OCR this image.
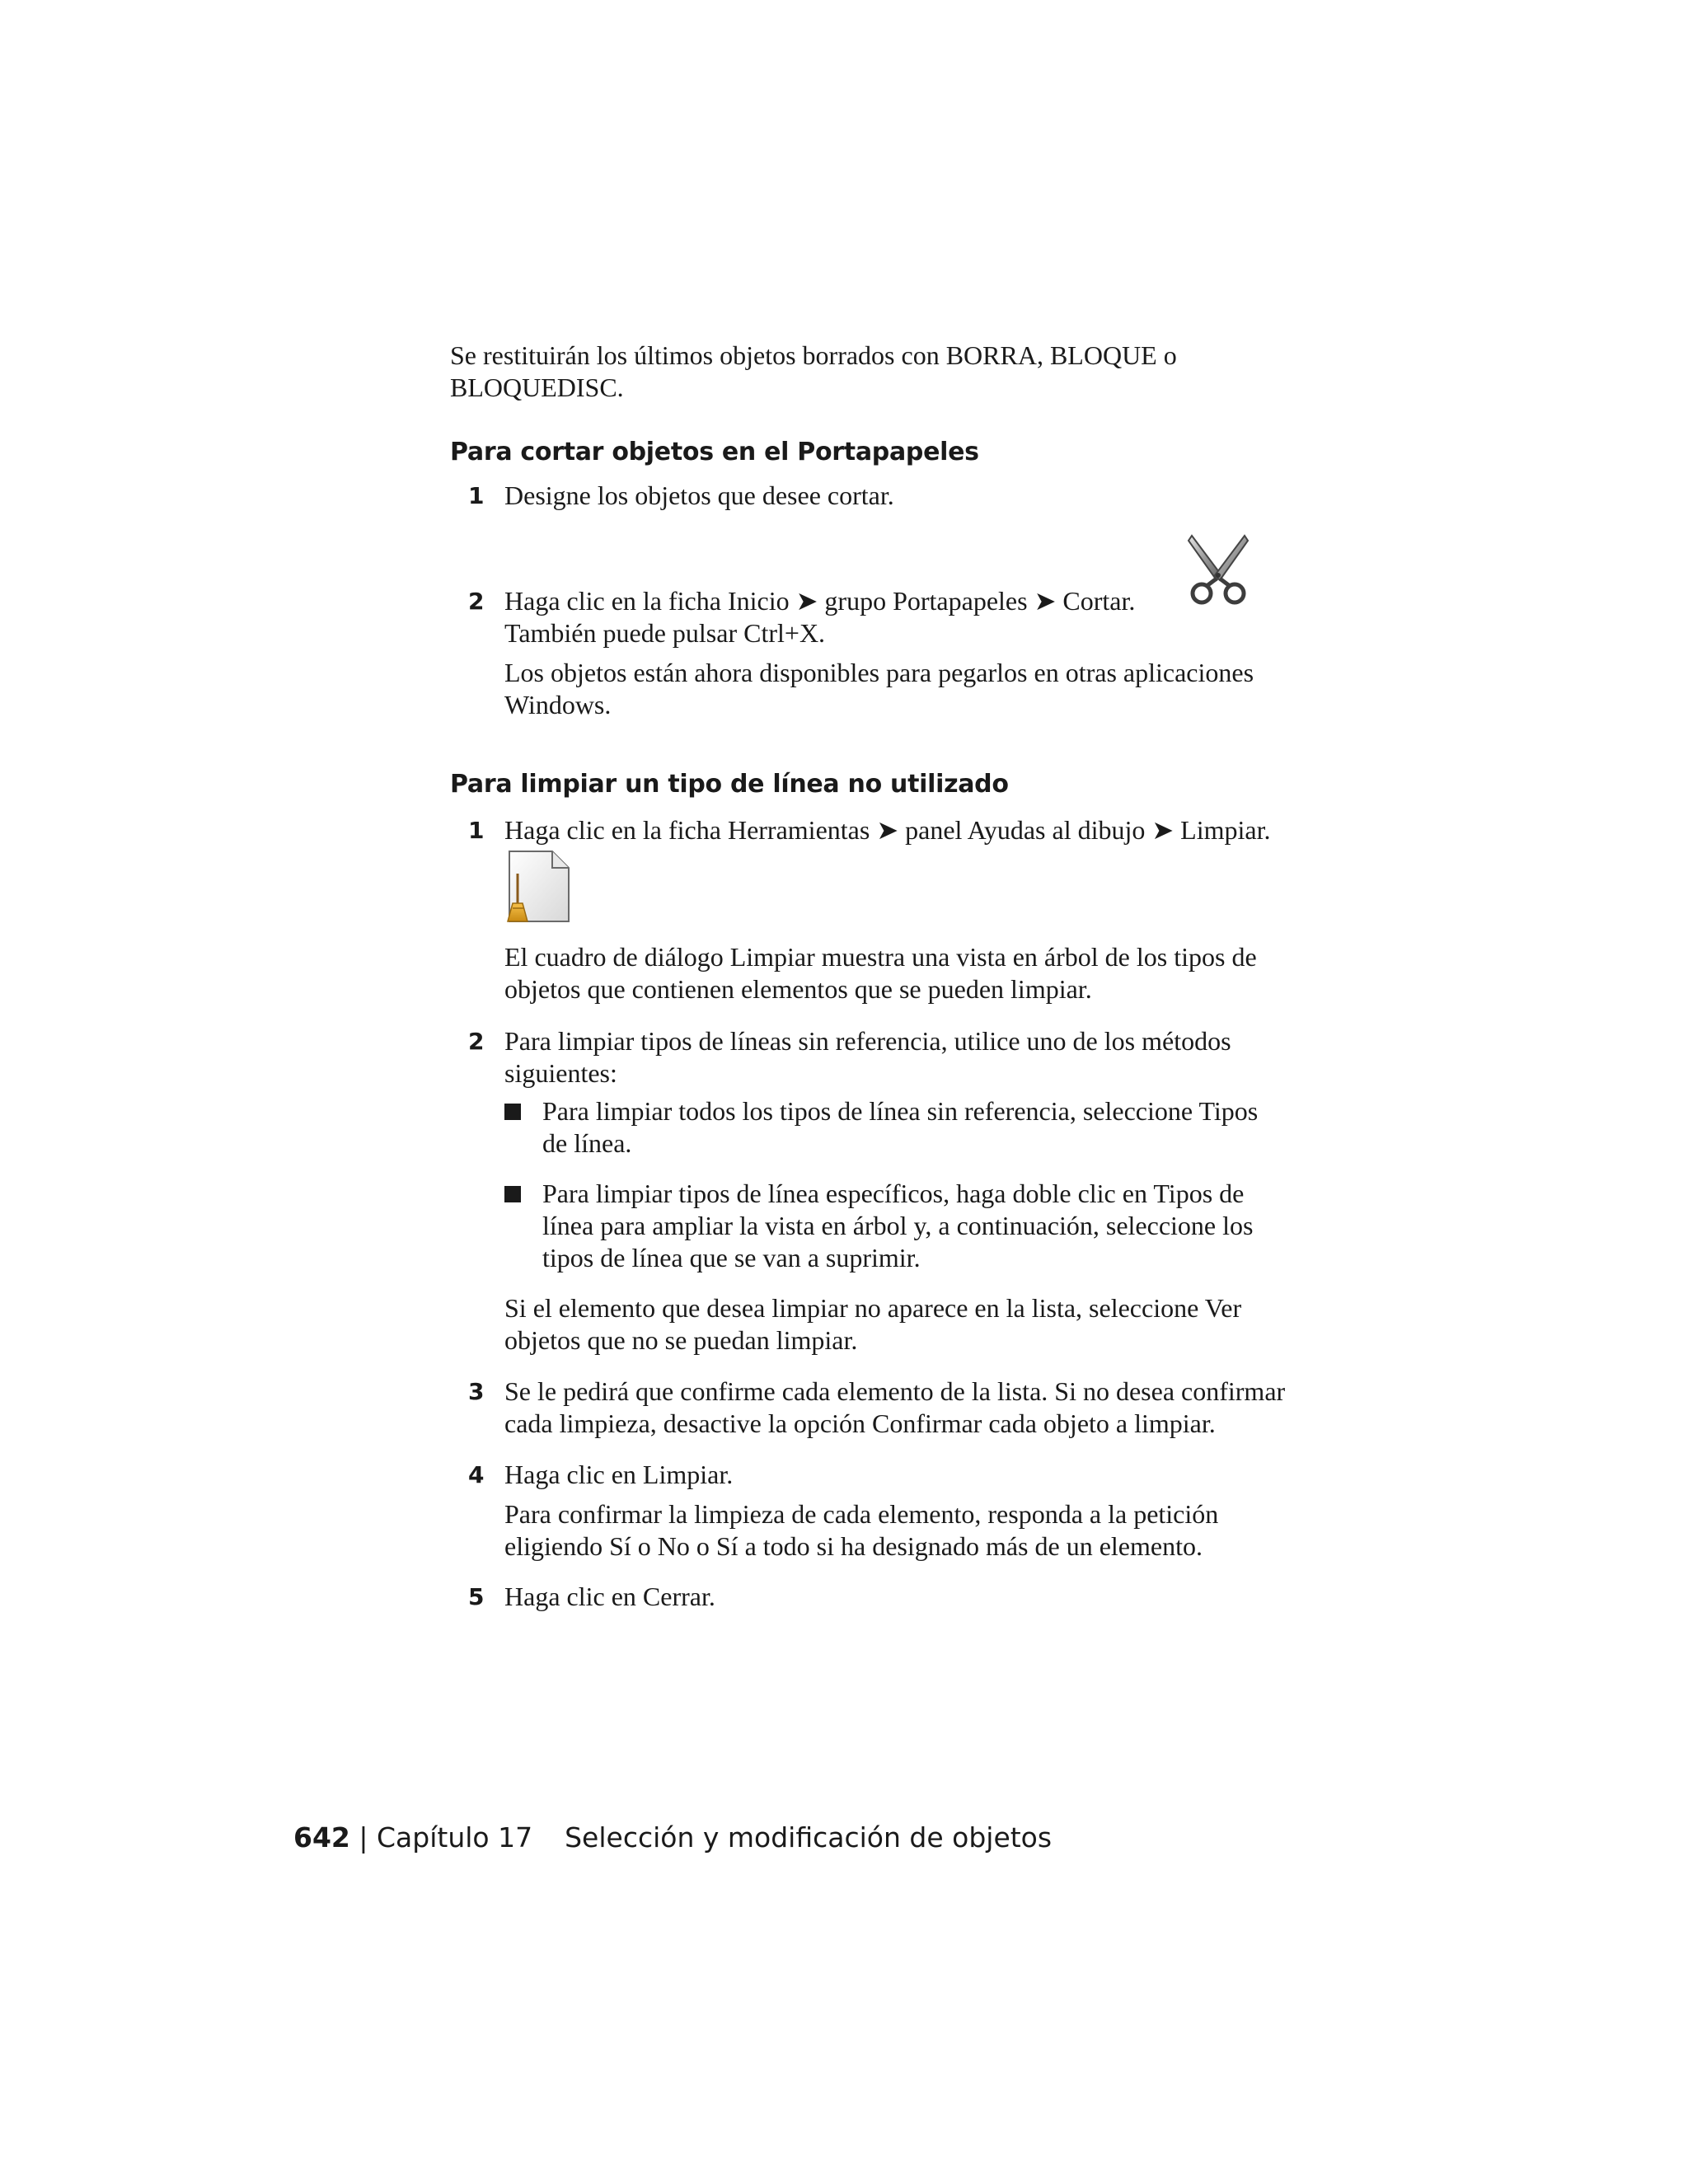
Se restituirán los últimos objetos borrados con BORRA, BLOQUE o
BLOQUEDISC.
Para cortar objetos en el Portapapeles
1 Designe los objetos que desee cortar.
2 Haga clic en la ficha Inicio ➤ grupo Portapapeles ➤ Cortar.
También puede pulsar Ctrl+X.
Los objetos están ahora disponibles para pegarlos en otras aplicaciones
Windows.
Para limpiar un tipo de línea no utilizado
1 Haga clic en la ficha Herramientas ➤ panel Ayudas al dibujo ➤ Limpiar.
El cuadro de diálogo Limpiar muestra una vista en árbol de los tipos de
objetos que contienen elementos que se pueden limpiar.
2 Para limpiar tipos de líneas sin referencia, utilice uno de los métodos
siguientes:
Para limpiar todos los tipos de línea sin referencia, seleccione Tipos
de línea.
Para limpiar tipos de línea específicos, haga doble clic en Tipos de
línea para ampliar la vista en árbol y, a continuación, seleccione los
tipos de línea que se van a suprimir.
Si el elemento que desea limpiar no aparece en la lista, seleccione Ver
objetos que no se puedan limpiar.
3 Se le pedirá que confirme cada elemento de la lista. Si no desea confirmar
cada limpieza, desactive la opción Confirmar cada objeto a limpiar.
4 Haga clic en Limpiar.
Para confirmar la limpieza de cada elemento, responda a la petición
eligiendo Sí o No o Sí a todo si ha designado más de un elemento.
5 Haga clic en Cerrar.
642 | Capítulo 17 Selección y modificación de objetos
